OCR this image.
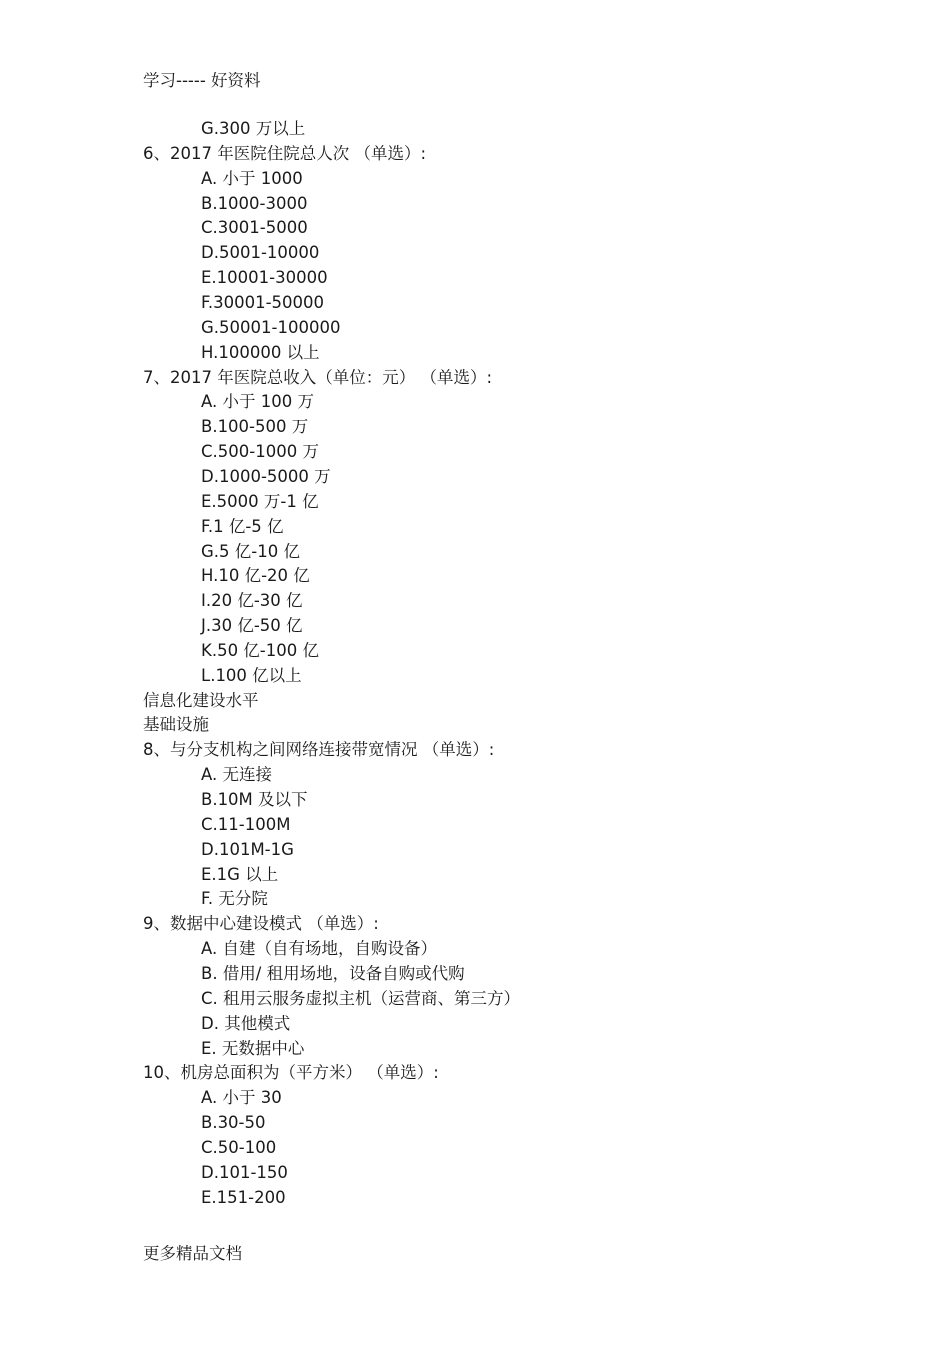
学习----- 好资料
G.300 万以上
6、2017 年医院住院总人次 （单选）:
A. 小于 1000
B.1000-3000
C.3001-5000
D.5001-10000
E.10001-30000
F.30001-50000
G.50001-100000
H.100000 以上
7、2017 年医院总收入（单位：元） （单选）:
A. 小于 100 万
B.100-500 万
C.500-1000 万
D.1000-5000 万
E.5000 万-1 亿
F.1 亿-5 亿
G.5 亿-10 亿
H.10 亿-20 亿
I.20 亿-30 亿
J.30 亿-50 亿
K.50 亿-100 亿
L.100 亿以上
信息化建设水平
基础设施
8、与分支机构之间网络连接带宽情况 （单选）:
A. 无连接
B.10M 及以下
C.11-100M
D.101M-1G
E.1G 以上
F. 无分院
9、数据中心建设模式 （单选）:
A. 自建（自有场地，自购设备）
B. 借用/ 租用场地，设备自购或代购
C. 租用云服务虚拟主机（运营商、第三方）
D. 其他模式
E. 无数据中心
10、机房总面积为（平方米） （单选）:
A. 小于 30
B.30-50
C.50-100
D.101-150
E.151-200
更多精品文档
